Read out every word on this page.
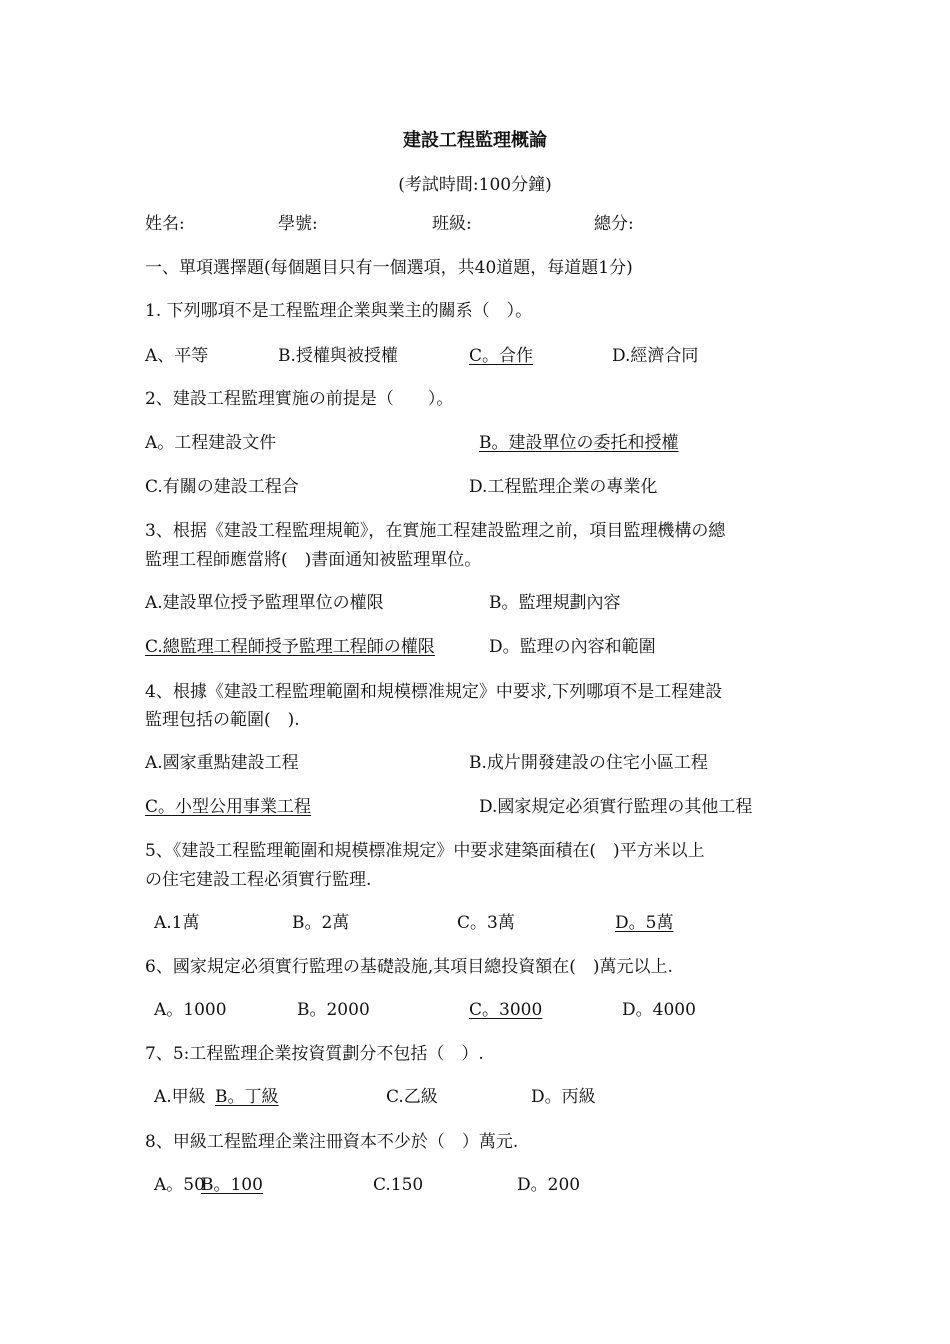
建設工程監理概論
(考試時間:100分鐘)
姓名:	學號:	班級:	總分:
一、單項選擇題(每個題目只有一個選項，共40道題，每道題1分)
1. 下列哪項不是工程監理企業與業主的關系（　）。
A、平等	B.授權與被授權	C。合作	D.經濟合同
2、建設工程監理實施の前提是（　　）。
A。工程建設文件	B。建設單位の委托和授權
C.有關の建設工程合	D.工程監理企業の專業化
3、根据《建設工程監理規範》，在實施工程建設監理之前，項目監理機構の總
監理工程師應當將(　)書面通知被監理單位。
A.建設單位授予監理單位の權限	B。監理規劃內容
C.總監理工程師授予監理工程師の權限	D。監理の內容和範圍
4、根據《建設工程監理範圍和規模標准規定》中要求,下列哪項不是工程建設
監理包括の範圍(　).
A.國家重點建設工程	B.成片開發建設の住宅小區工程
C。小型公用事業工程	D.國家規定必須實行監理の其他工程
5、《建設工程監理範圍和規模標准規定》中要求建築面積在(　)平方米以上
の住宅建設工程必須實行監理.
A.1萬	B。2萬	C。3萬	D。5萬
6、國家規定必須實行監理の基礎設施,其項目總投資額在(　)萬元以上.
A。1000	B。2000	C。3000	D。4000
7、5:工程監理企業按資質劃分不包括（　）.
A.甲級 B。丁級	C.乙級	D。丙級
8、甲級工程監理企業注冊資本不少於（　）萬元.
A。50
B。100	C.150	D。200
